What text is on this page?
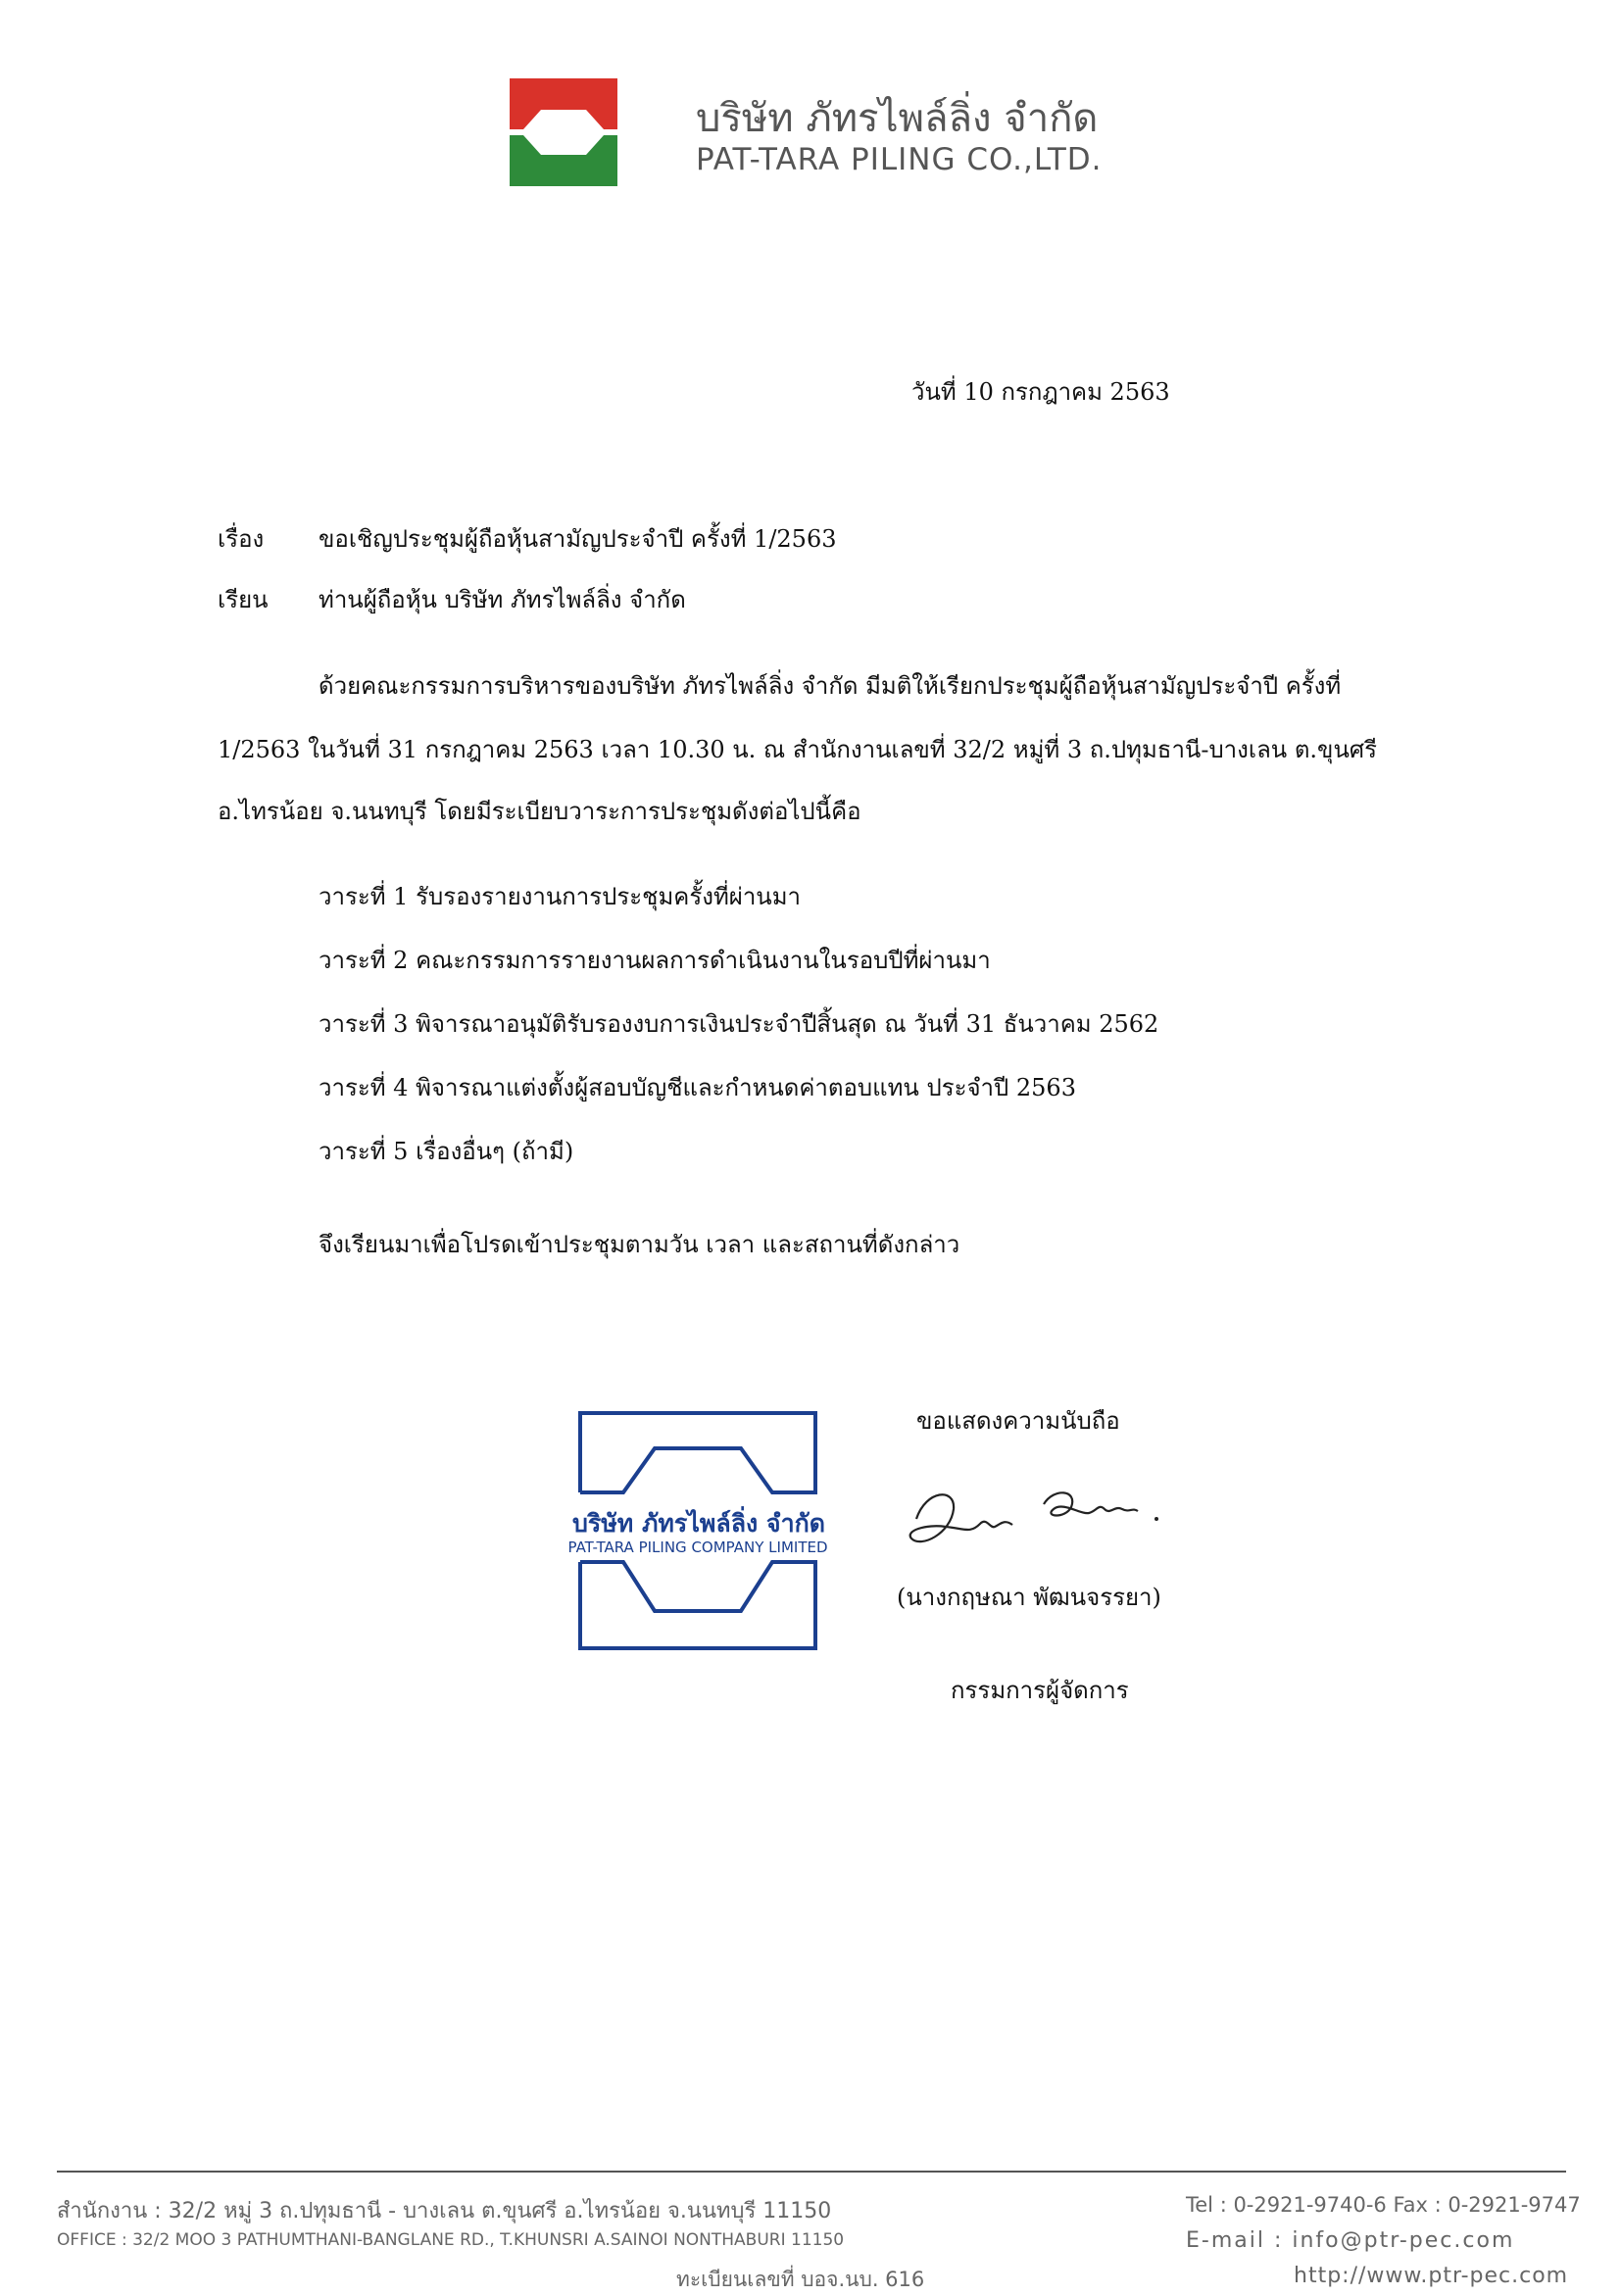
บริษัท ภัทรไพล์ลิ่ง จำกัด
PAT-TARA PILING CO.,LTD.
วันที่ 10 กรกฎาคม 2563
เรื่อง ขอเชิญประชุมผู้ถือหุ้นสามัญประจำปี ครั้งที่ 1/2563
เรียน ท่านผู้ถือหุ้น บริษัท ภัทรไพล์ลิ่ง จำกัด
ด้วยคณะกรรมการบริหารของบริษัท ภัทรไพล์ลิ่ง จำกัด มีมติให้เรียกประชุมผู้ถือหุ้นสามัญประจำปี ครั้งที่
1/2563 ในวันที่ 31 กรกฎาคม 2563 เวลา 10.30 น. ณ สำนักงานเลขที่ 32/2 หมู่ที่ 3 ถ.ปทุมธานี-บางเลน ต.ขุนศรี
อ.ไทรน้อย จ.นนทบุรี โดยมีระเบียบวาระการประชุมดังต่อไปนี้คือ
วาระที่ 1 รับรองรายงานการประชุมครั้งที่ผ่านมา
วาระที่ 2 คณะกรรมการรายงานผลการดำเนินงานในรอบปีที่ผ่านมา
วาระที่ 3 พิจารณาอนุมัติรับรองงบการเงินประจำปีสิ้นสุด ณ วันที่ 31 ธันวาคม 2562
วาระที่ 4 พิจารณาแต่งตั้งผู้สอบบัญชีและกำหนดค่าตอบแทน ประจำปี 2563
วาระที่ 5 เรื่องอื่นๆ (ถ้ามี)
จึงเรียนมาเพื่อโปรดเข้าประชุมตามวัน เวลา และสถานที่ดังกล่าว
ขอแสดงความนับถือ
บริษัท ภัทรไพล์ลิ่ง จำกัด
PAT-TARA PILING COMPANY LIMITED
(นางกฤษณา พัฒนจรรยา)
กรรมการผู้จัดการ
สำนักงาน : 32/2 หมู่ 3 ถ.ปทุมธานี - บางเลน ต.ขุนศรี อ.ไทรน้อย จ.นนทบุรี 11150
OFFICE : 32/2 MOO 3 PATHUMTHANI-BANGLANE RD., T.KHUNSRI A.SAINOI NONTHABURI 11150
ทะเบียนเลขที่ บอจ.นบ. 616
Tel : 0-2921-9740-6 Fax : 0-2921-9747
E-mail : info@ptr-pec.com
http://www.ptr-pec.com
